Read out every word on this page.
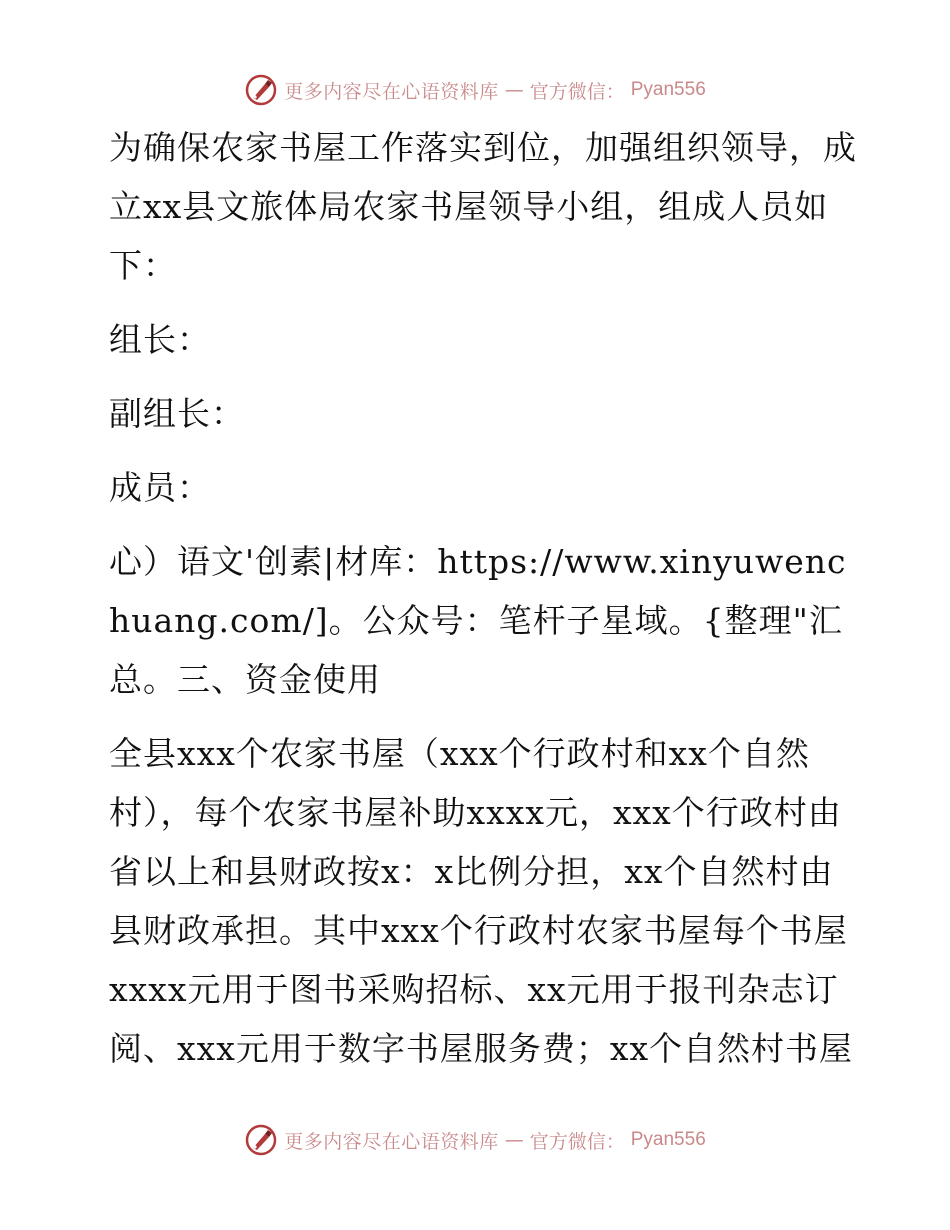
更多内容尽在心语资料库 — 官方微信： Pyan556

为确保农家书屋工作落实到位，加强组织领导，成立xx县文旅体局农家书屋领导小组，组成人员如下：

组长：

副组长：

成员：

心）语文'创素|材库：https://www.xinyuwenchuang.com/]。公众号：笔杆子星域。{整理"汇总。三、资金使用

全县xxx个农家书屋（xxx个行政村和xx个自然村），每个农家书屋补助xxxx元，xxx个行政村由省以上和县财政按x：x比例分担，xx个自然村由县财政承担。其中xxx个行政村农家书屋每个书屋xxxx元用于图书采购招标、xx元用于报刊杂志订阅、xxx元用于数字书屋服务费；xx个自然村书屋

更多内容尽在心语资料库 — 官方微信： Pyan556
